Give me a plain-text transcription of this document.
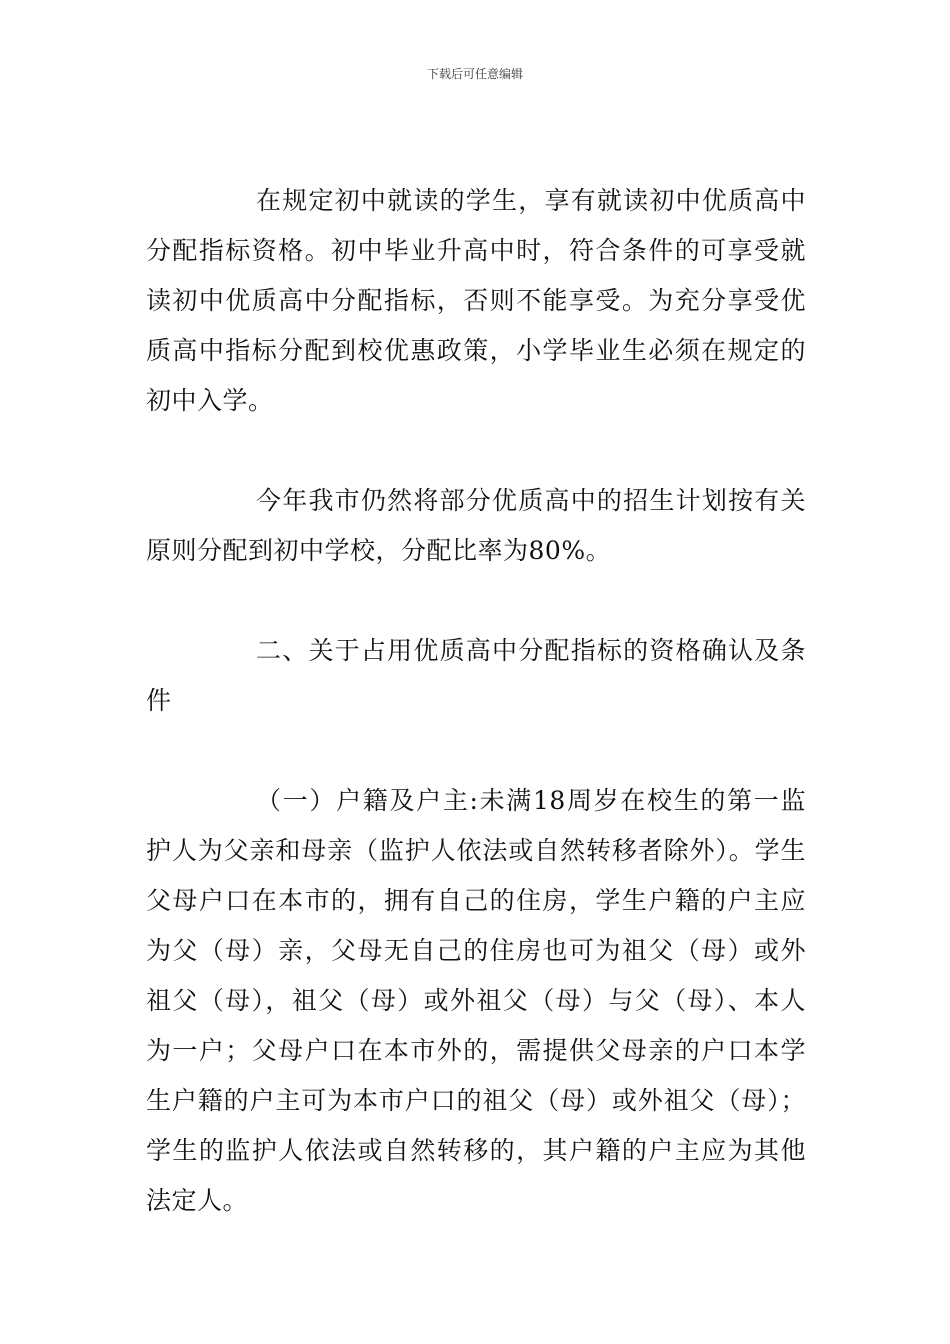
下载后可任意编辑

在规定初中就读的学生，享有就读初中优质高中分配指标资格。初中毕业升高中时，符合条件的可享受就读初中优质高中分配指标，否则不能享受。为充分享受优质高中指标分配到校优惠政策，小学毕业生必须在规定的初中入学。

今年我市仍然将部分优质高中的招生计划按有关原则分配到初中学校，分配比率为80%。

二、关于占用优质高中分配指标的资格确认及条件

（一）户籍及户主:未满18周岁在校生的第一监护人为父亲和母亲（监护人依法或自然转移者除外）。学生父母户口在本市的，拥有自己的住房，学生户籍的户主应为父（母）亲，父母无自己的住房也可为祖父（母）或外祖父（母），祖父（母）或外祖父（母）与父（母）、本人为一户；父母户口在本市外的，需提供父母亲的户口本学生户籍的户主可为本市户口的祖父（母）或外祖父（母）；学生的监护人依法或自然转移的，其户籍的户主应为其他法定人。
